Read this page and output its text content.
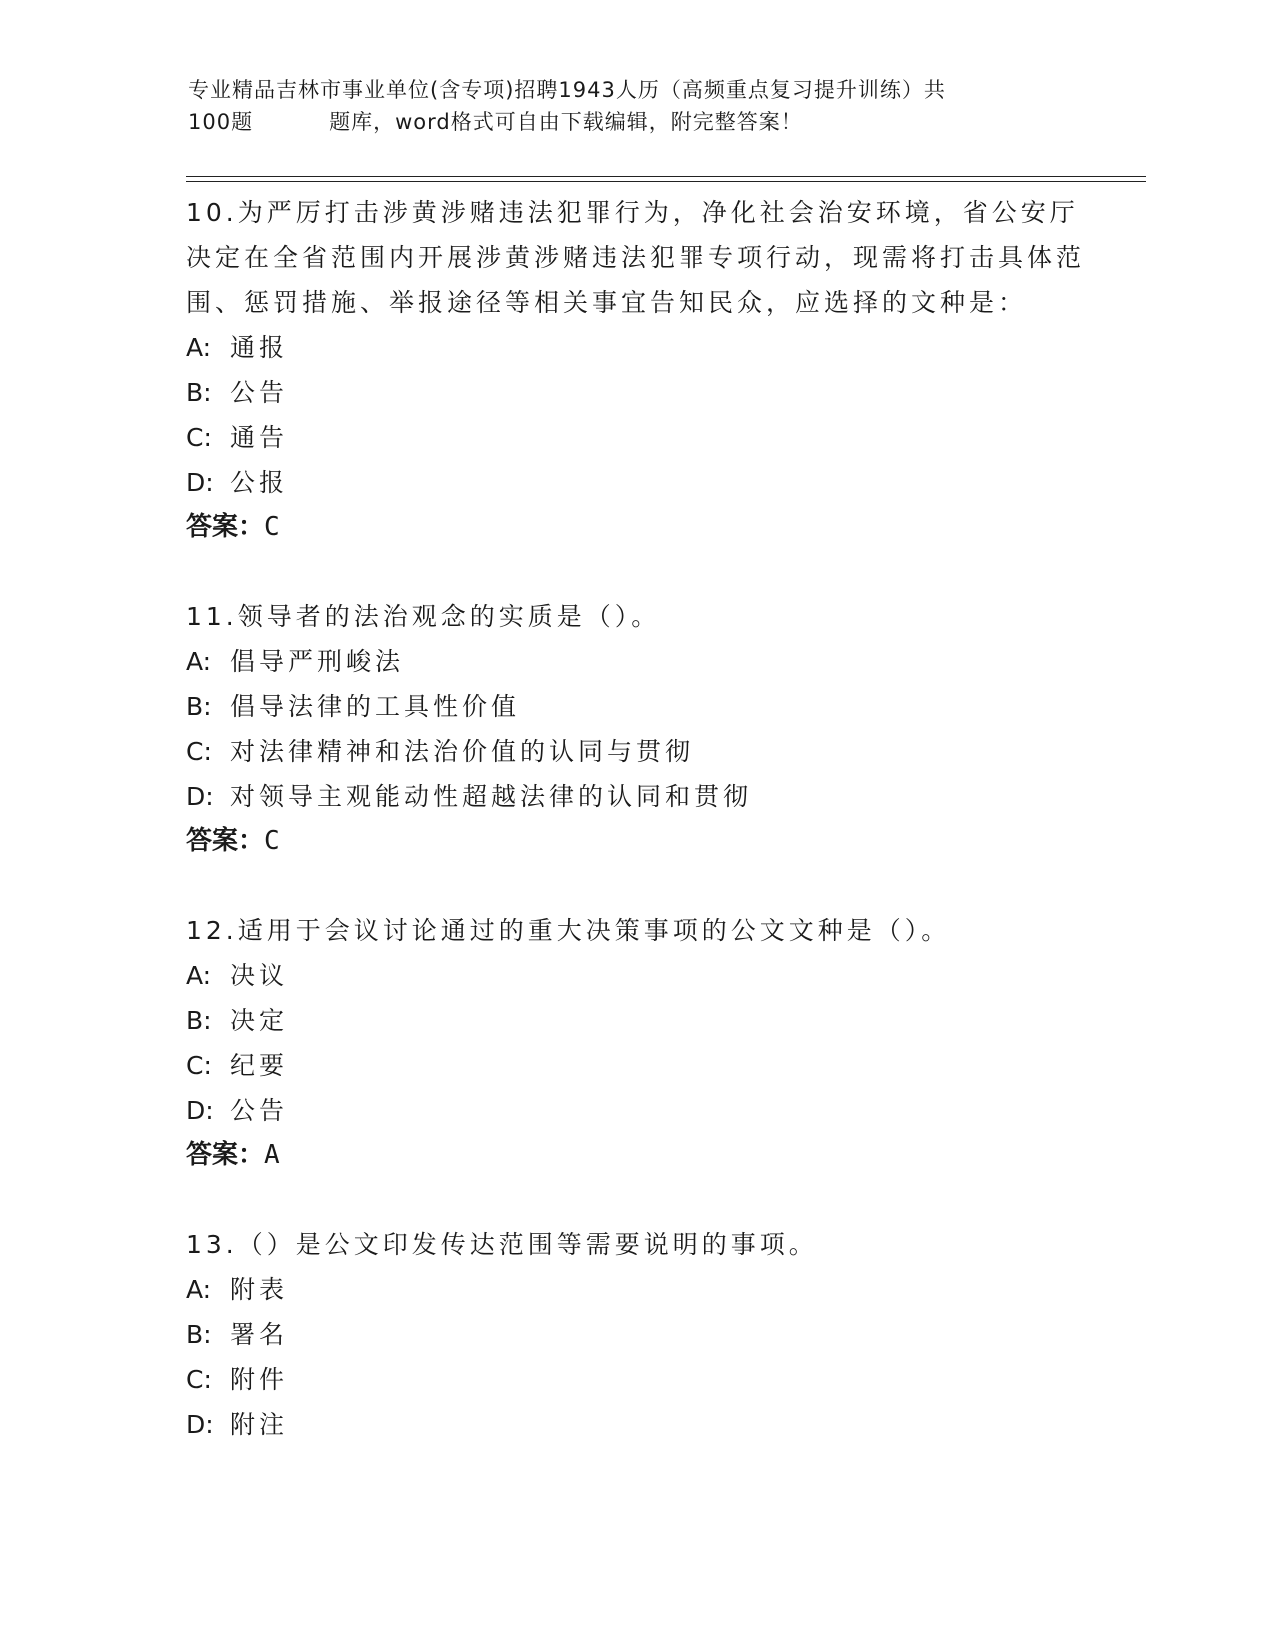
专业精品吉林市事业单位(含专项)招聘1943人历（高频重点复习提升训练）共
100题	题库，word格式可自由下载编辑，附完整答案！

10.为严厉打击涉黄涉赌违法犯罪行为，净化社会治安环境，省公安厅决定在全省范围内开展涉黄涉赌违法犯罪专项行动，现需将打击具体范围、惩罚措施、举报途径等相关事宜告知民众，应选择的文种是：

A: 通报

B: 公告

C: 通告

D: 公报

答案：C

11.领导者的法治观念的实质是（）。

A: 倡导严刑峻法

B: 倡导法律的工具性价值

C: 对法律精神和法治价值的认同与贯彻

D: 对领导主观能动性超越法律的认同和贯彻

答案：C

12.适用于会议讨论通过的重大决策事项的公文文种是（）。

A: 决议

B: 决定

C: 纪要

D: 公告

答案：A

13.（）是公文印发传达范围等需要说明的事项。

A: 附表

B: 署名

C: 附件

D: 附注
